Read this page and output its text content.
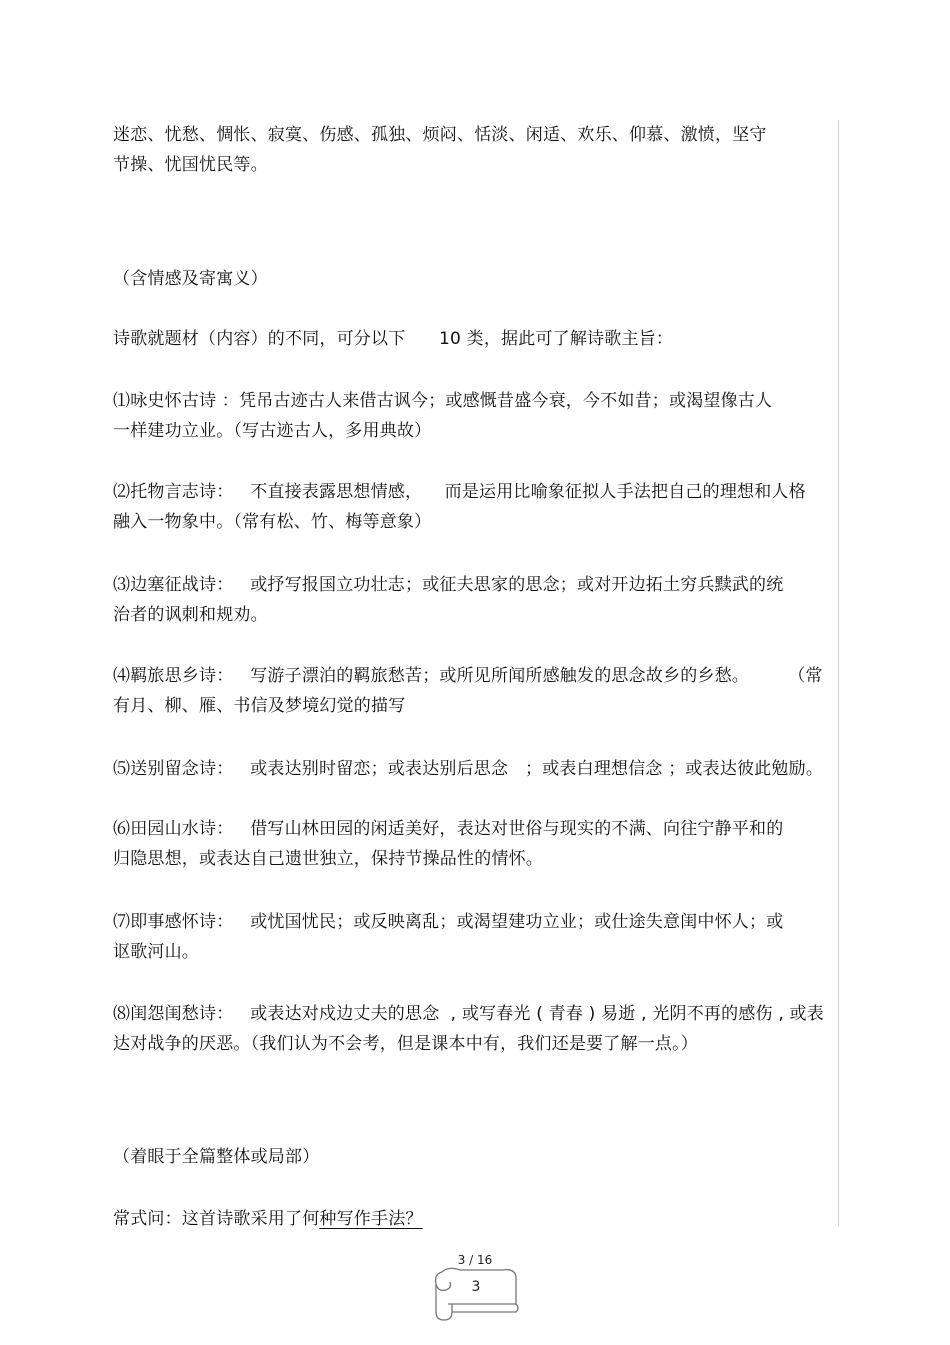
迷恋、忧愁、惆怅、寂寞、伤感、孤独、烦闷、恬淡、闲适、欢乐、仰慕、激愤，坚守
节操、忧国忧民等。
（含情感及寄寓义）
诗歌就题材（内容）的不同，可分以下      10 类，据此可了解诗歌主旨：
⑴咏史怀古诗 ：凭吊古迹古人来借古讽今；或感慨昔盛今衰，今不如昔；或渴望像古人
一样建功立业。（写古迹古人，多用典故）
⑵托物言志诗：   不直接表露思想情感，    而是运用比喻象征拟人手法把自己的理想和人格
融入一物象中。（常有松、竹、梅等意象）
⑶边塞征战诗：   或抒写报国立功壮志；或征夫思家的思念；或对开边拓土穷兵黩武的统
治者的讽刺和规劝。
⑷羁旅思乡诗：   写游子漂泊的羁旅愁苦；或所见所闻所感触发的思念故乡的乡愁。       （常
有月、柳、雁、书信及梦境幻觉的描写
⑸送别留念诗：   或表达别时留恋；或表达别后思念   ；或表白理想信念 ；或表达彼此勉励。
⑹田园山水诗：   借写山林田园的闲适美好，表达对世俗与现实的不满、向往宁静平和的
归隐思想，或表达自己遗世独立，保持节操品性的情怀。
⑺即事感怀诗：   或忧国忧民；或反映离乱；或渴望建功立业；或仕途失意闺中怀人；或
讴歌河山。
⑻闺怨闺愁诗：   或表达对戍边丈夫的思念  , 或写春光 ( 青春 ) 易逝 , 光阴不再的感伤 , 或表
达对战争的厌恶。（我们认为不会考，但是课本中有，我们还是要了解一点。）
（着眼于全篇整体或局部）
常式问：这首诗歌采用了何种写作手法？
3 / 16
3
